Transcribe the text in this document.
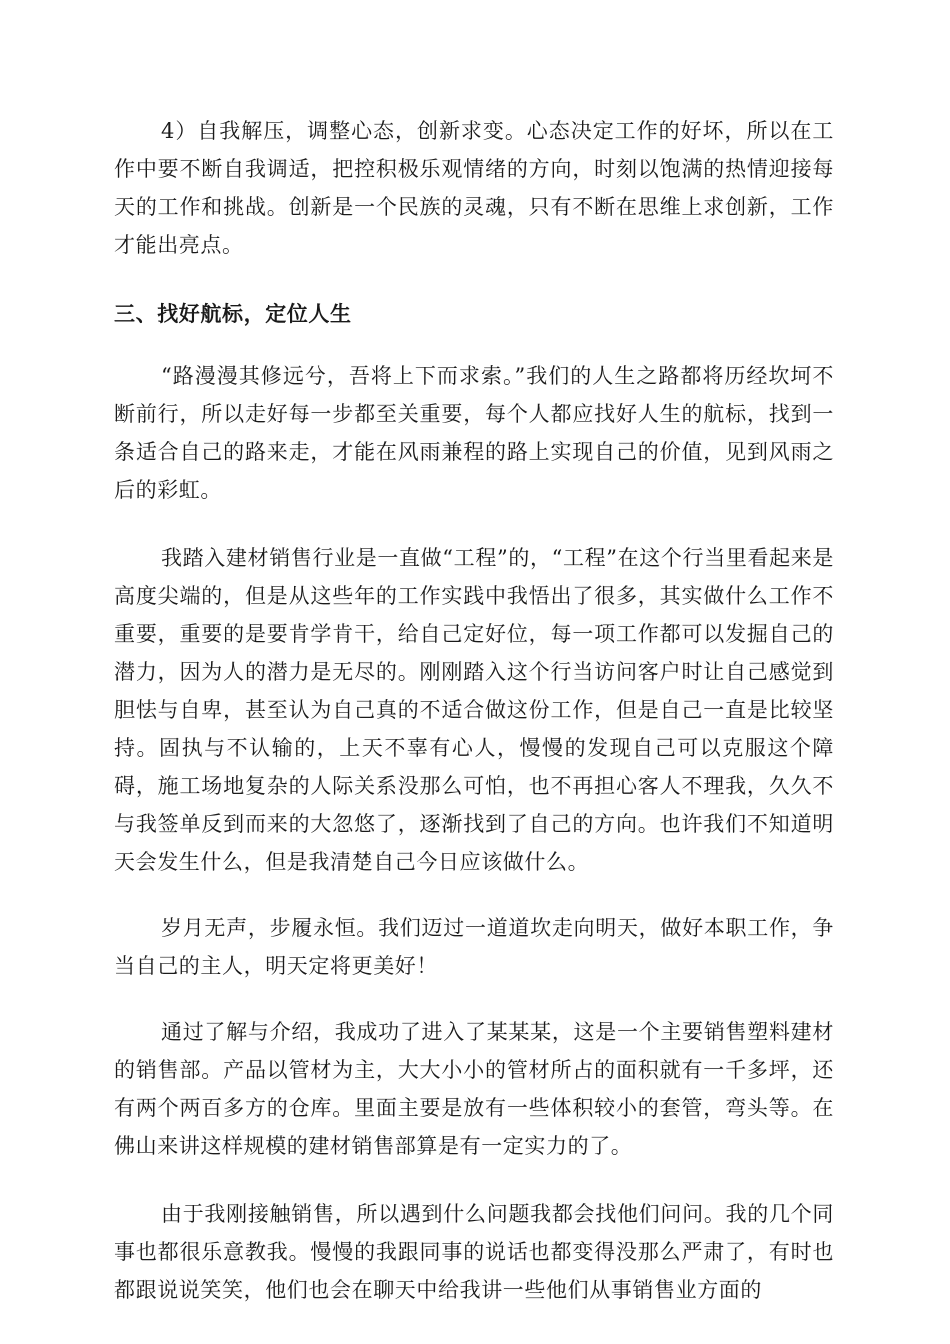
4）自我解压，调整心态，创新求变。心态决定工作的好坏，所以在工作中要不断自我调适，把控积极乐观情绪的方向，时刻以饱满的热情迎接每天的工作和挑战。创新是一个民族的灵魂，只有不断在思维上求创新，工作才能出亮点。

三、找好航标，定位人生

“路漫漫其修远兮，吾将上下而求索。”我们的人生之路都将历经坎坷不断前行，所以走好每一步都至关重要，每个人都应找好人生的航标，找到一条适合自己的路来走，才能在风雨兼程的路上实现自己的价值，见到风雨之后的彩虹。

我踏入建材销售行业是一直做“工程”的，“工程”在这个行当里看起来是高度尖端的，但是从这些年的工作实践中我悟出了很多，其实做什么工作不重要，重要的是要肯学肯干，给自己定好位，每一项工作都可以发掘自己的潜力，因为人的潜力是无尽的。刚刚踏入这个行当访问客户时让自己感觉到胆怯与自卑，甚至认为自己真的不适合做这份工作，但是自己一直是比较坚持。固执与不认输的，上天不辜有心人，慢慢的发现自己可以克服这个障碍，施工场地复杂的人际关系没那么可怕，也不再担心客人不理我，久久不与我签单反到而来的大忽悠了，逐渐找到了自己的方向。也许我们不知道明天会发生什么，但是我清楚自己今日应该做什么。

岁月无声，步履永恒。我们迈过一道道坎走向明天，做好本职工作，争当自己的主人，明天定将更美好！

通过了解与介绍，我成功了进入了某某某，这是一个主要销售塑料建材的销售部。产品以管材为主，大大小小的管材所占的面积就有一千多坪，还有两个两百多方的仓库。里面主要是放有一些体积较小的套管，弯头等。在佛山来讲这样规模的建材销售部算是有一定实力的了。

由于我刚接触销售，所以遇到什么问题我都会找他们问问。我的几个同事也都很乐意教我。慢慢的我跟同事的说话也都变得没那么严肃了，有时也都跟说说笑笑，他们也会在聊天中给我讲一些他们从事销售业方面的
